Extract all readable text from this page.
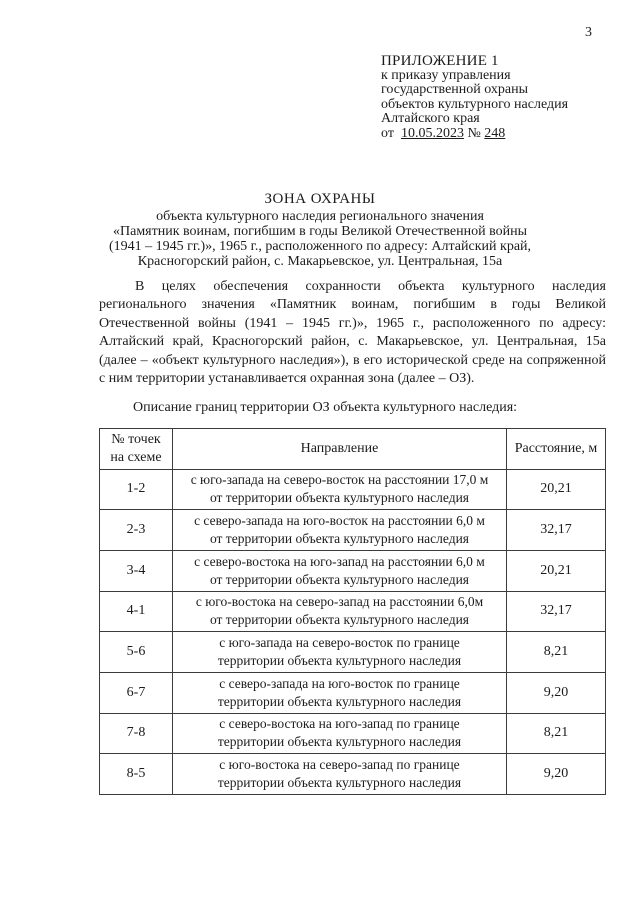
3
ПРИЛОЖЕНИЕ 1
к приказу управления
государственной охраны
объектов культурного наследия
Алтайского края
от 10.05.2023 № 248
ЗОНА ОХРАНЫ
объекта культурного наследия регионального значения
«Памятник воинам, погибшим в годы Великой Отечественной войны
(1941 – 1945 гг.)», 1965 г., расположенного по адресу: Алтайский край,
Красногорский район, с. Макарьевское, ул. Центральная, 15а
В целях обеспечения сохранности объекта культурного наследия регионального значения «Памятник воинам, погибшим в годы Великой Отечественной войны (1941 – 1945 гг.)», 1965 г., расположенного по адресу: Алтайский край, Красногорский район, с. Макарьевское, ул. Центральная, 15а (далее – «объект культурного наследия»), в его исторической среде на сопряженной с ним территории устанавливается охранная зона (далее – ОЗ).
Описание границ территории ОЗ объекта культурного наследия:
№ точек
на схеме	Направление	Расстояние, м
1-2	с юго-запада на северо-восток на расстоянии 17,0 м
от территории объекта культурного наследия	20,21
2-3	с северо-запада на юго-восток на расстоянии 6,0 м
от территории объекта культурного наследия	32,17
3-4	с северо-востока на юго-запад на расстоянии 6,0 м
от территории объекта культурного наследия	20,21
4-1	с юго-востока на северо-запад на расстоянии 6,0м
от территории объекта культурного наследия	32,17
5-6	с юго-запада на северо-восток по границе
территории объекта культурного наследия	8,21
6-7	с северо-запада на юго-восток по границе
территории объекта культурного наследия	9,20
7-8	с северо-востока на юго-запад по границе
территории объекта культурного наследия	8,21
8-5	с юго-востока на северо-запад по границе
территории объекта культурного наследия	9,20
